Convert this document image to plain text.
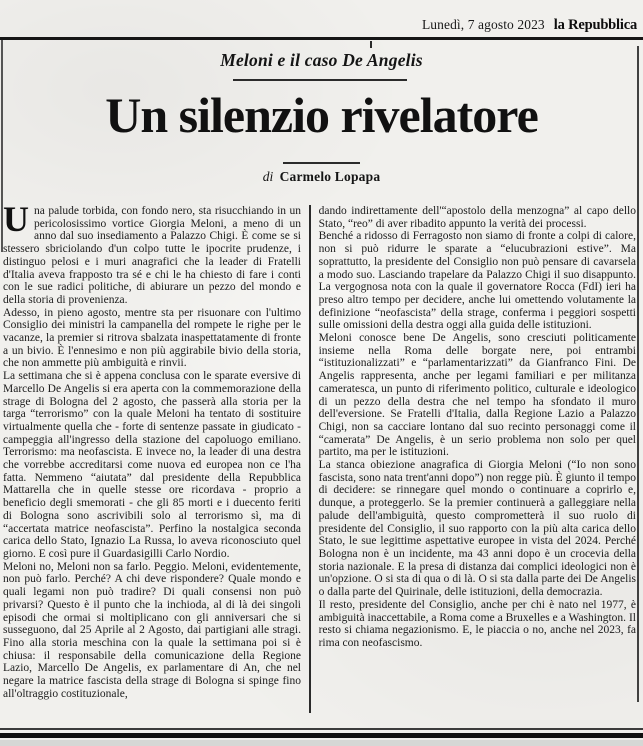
Lunedì, 7 agosto 2023 la Repubblica
Meloni e il caso De Angelis
Un silenzio rivelatore
di Carmelo Lopapa

Una palude torbida, con fondo nero, sta risucchiando in un pericolosissimo vortice Giorgia Meloni, a meno di un anno dal suo insediamento a Palazzo Chigi. È come se si stessero sbriciolando d'un colpo tutte le ipocrite prudenze, i distinguo pelosi e i muri anagrafici che la leader di Fratelli d'Italia aveva frapposto tra sé e chi le ha chiesto di fare i conti con le sue radici politiche, di abiurare un pezzo del mondo e della storia di provenienza.

Adesso, in pieno agosto, mentre sta per risuonare con l'ultimo Consiglio dei ministri la campanella del rompete le righe per le vacanze, la premier si ritrova sbalzata inaspettatamente di fronte a un bivio. È l'ennesimo e non più aggirabile bivio della storia, che non ammette più ambiguità e rinvii.

La settimana che si è appena conclusa con le sparate eversive di Marcello De Angelis si era aperta con la commemorazione della strage di Bologna del 2 agosto, che passerà alla storia per la targa “terrorismo” con la quale Meloni ha tentato di sostituire virtualmente quella che - forte di sentenze passate in giudicato - campeggia all'ingresso della stazione del capoluogo emiliano. Terrorismo: ma neofascista. E invece no, la leader di una destra che vorrebbe accreditarsi come nuova ed europea non ce l'ha fatta. Nemmeno “aiutata” dal presidente della Repubblica Mattarella che in quelle stesse ore ricordava - proprio a beneficio degli smemorati - che gli 85 morti e i duecento feriti di Bologna sono ascrivibili solo al terrorismo sì, ma di “accertata matrice neofascista”. Perfino la nostalgica seconda carica dello Stato, Ignazio La Russa, lo aveva riconosciuto quel giorno. E così pure il Guardasigilli Carlo Nordio.

Meloni no, Meloni non sa farlo. Peggio. Meloni, evidentemente, non può farlo. Perché? A chi deve rispondere? Quale mondo e quali legami non può tradire? Di quali consensi non può privarsi? Questo è il punto che la inchioda, al di là dei singoli episodi che ormai si moltiplicano con gli anniversari che si susseguono, dal 25 Aprile al 2 Agosto, dai partigiani alle stragi. Fino alla storia meschina con la quale la settimana poi si è chiusa: il responsabile della comunicazione della Regione Lazio, Marcello De Angelis, ex parlamentare di An, che nel negare la matrice fascista della strage di Bologna si spinge fino all'oltraggio costituzionale,

dando indirettamente dell'“apostolo della menzogna” al capo dello Stato, “reo” di aver ribadito appunto la verità dei processi.

Benché a ridosso di Ferragosto non siamo di fronte a colpi di calore, non si può ridurre le sparate a “elucubrazioni estive”. Ma soprattutto, la presidente del Consiglio non può pensare di cavarsela a modo suo. Lasciando trapelare da Palazzo Chigi il suo disappunto. La vergognosa nota con la quale il governatore Rocca (FdI) ieri ha preso altro tempo per decidere, anche lui omettendo volutamente la definizione “neofascista” della strage, conferma i peggiori sospetti sulle omissioni della destra oggi alla guida delle istituzioni.

Meloni conosce bene De Angelis, sono cresciuti politicamente insieme nella Roma delle borgate nere, poi entrambi “istituzionalizzati” e “parlamentarizzati” da Gianfranco Fini. De Angelis rappresenta, anche per legami familiari e per militanza cameratesca, un punto di riferimento politico, culturale e ideologico di un pezzo della destra che nel tempo ha sfondato il muro dell'eversione. Se Fratelli d'Italia, dalla Regione Lazio a Palazzo Chigi, non sa cacciare lontano dal suo recinto personaggi come il “camerata” De Angelis, è un serio problema non solo per quel partito, ma per le istituzioni.

La stanca obiezione anagrafica di Giorgia Meloni (“Io non sono fascista, sono nata trent'anni dopo”) non regge più. È giunto il tempo di decidere: se rinnegare quel mondo o continuare a coprirlo e, dunque, a proteggerlo. Se la premier continuerà a galleggiare nella palude dell'ambiguità, questo comprometterà il suo ruolo di presidente del Consiglio, il suo rapporto con la più alta carica dello Stato, le sue legittime aspettative europee in vista del 2024. Perché Bologna non è un incidente, ma 43 anni dopo è un crocevia della storia nazionale. E la presa di distanza dai complici ideologici non è un'opzione. O si sta di qua o di là. O si sta dalla parte dei De Angelis o dalla parte del Quirinale, delle istituzioni, della democrazia.

Il resto, presidente del Consiglio, anche per chi è nato nel 1977, è ambiguità inaccettabile, a Roma come a Bruxelles e a Washington. Il resto si chiama negazionismo. E, le piaccia o no, anche nel 2023, fa rima con neofascismo.
